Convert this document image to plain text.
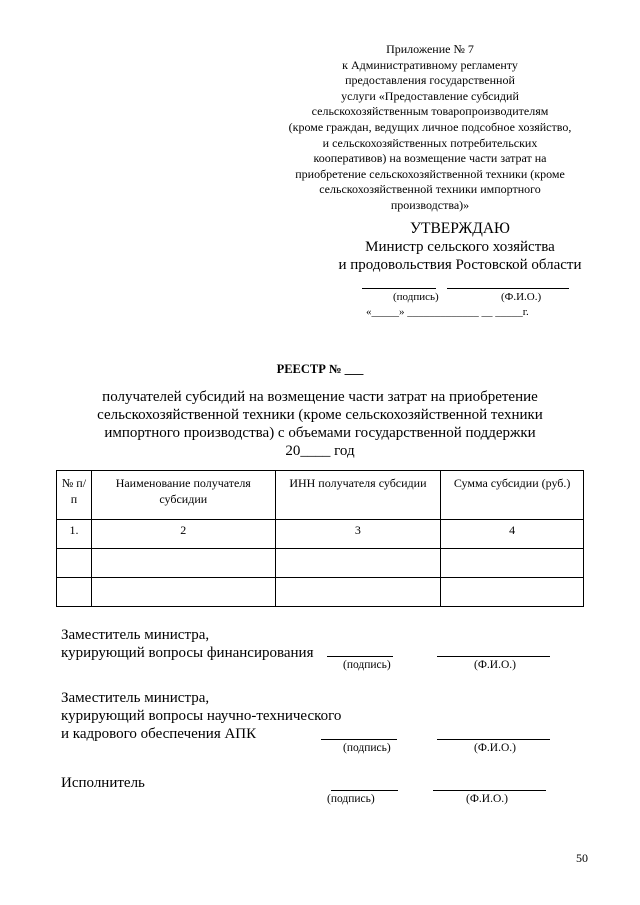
Приложение № 7
к Административному регламенту
предоставления государственной
услуги «Предоставление субсидий
сельскохозяйственным товаропроизводителям
(кроме граждан, ведущих личное подсобное хозяйство,
и сельскохозяйственных потребительских
кооперативов) на возмещение части затрат на
приобретение сельскохозяйственной техники (кроме
сельскохозяйственной техники импортного
производства)»
УТВЕРЖДАЮ
Министр сельского хозяйства
и продовольствия Ростовской области
(подпись)	(Ф.И.О.)
«_____» _____________ __ _____г.
РЕЕСТР № ___
получателей субсидий на возмещение части затрат на приобретение
сельскохозяйственной техники (кроме сельскохозяйственной техники
импортного производства) с объемами государственной поддержки
20____ год
№ п/п	Наименование получателя субсидии	ИНН получателя субсидии	Сумма субсидии (руб.)
1.	2	3	4

Заместитель министра,
курирующий вопросы финансирования
(подпись)	(Ф.И.О.)
Заместитель министра,
курирующий вопросы научно-технического
и кадрового обеспечения АПК
(подпись)	(Ф.И.О.)
Исполнитель
(подпись)	(Ф.И.О.)
50
